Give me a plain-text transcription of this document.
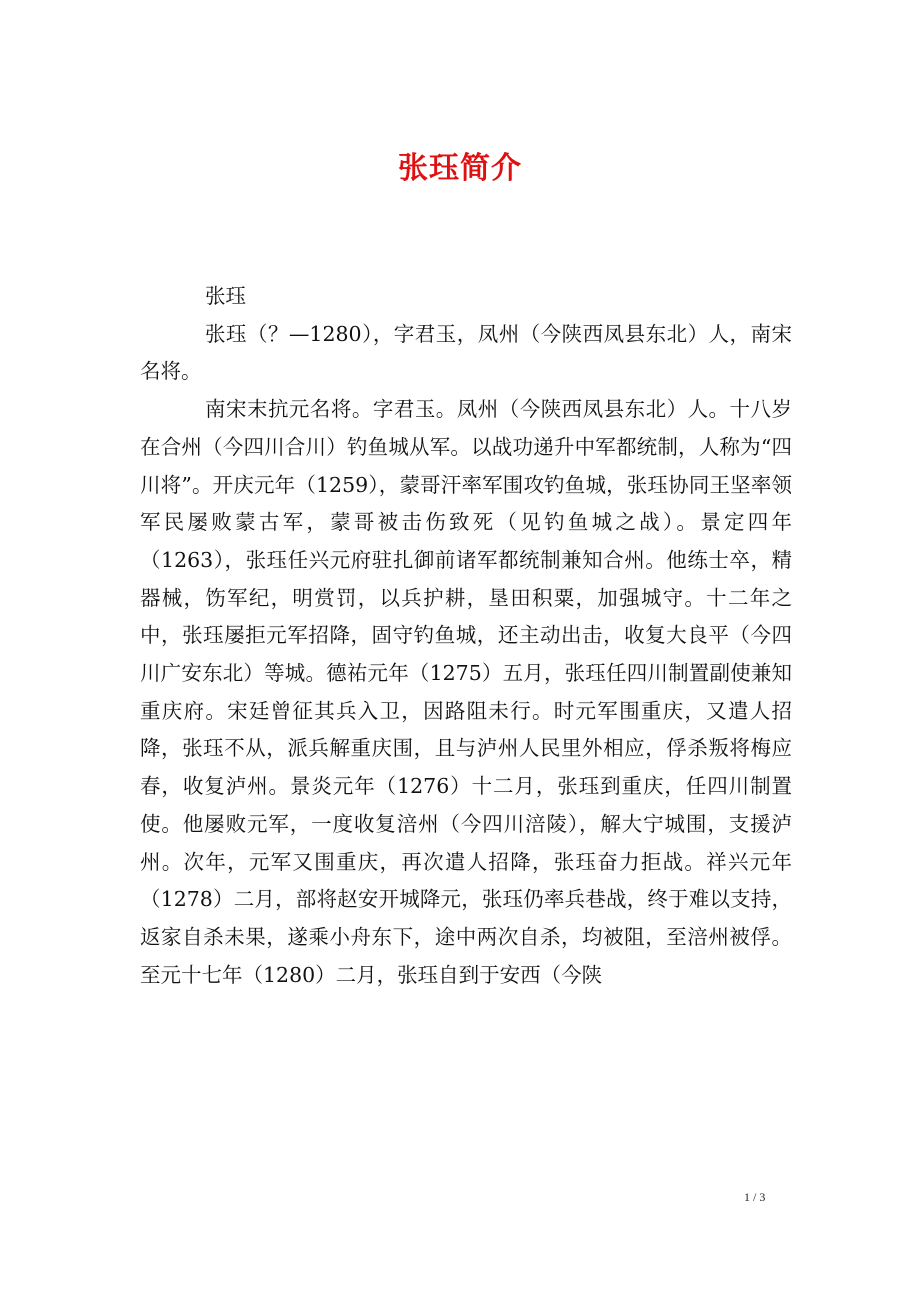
张珏简介

张珏

张珏（？—1280），字君玉，凤州（今陕西凤县东北）人，南宋名将。

南宋末抗元名将。字君玉。凤州（今陕西凤县东北）人。十八岁在合州（今四川合川）钓鱼城从军。以战功递升中军都统制，人称为“四川将”。开庆元年（1259），蒙哥汗率军围攻钓鱼城，张珏协同王坚率领军民屡败蒙古军，蒙哥被击伤致死（见钓鱼城之战）。景定四年（1263），张珏任兴元府驻扎御前诸军都统制兼知合州。他练士卒，精器械，饬军纪，明赏罚，以兵护耕，垦田积粟，加强城守。十二年之中，张珏屡拒元军招降，固守钓鱼城，还主动出击，收复大良平（今四川广安东北）等城。德祐元年（1275）五月，张珏任四川制置副使兼知重庆府。宋廷曾征其兵入卫，因路阻未行。时元军围重庆，又遣人招降，张珏不从，派兵解重庆围，且与泸州人民里外相应，俘杀叛将梅应春，收复泸州。景炎元年（1276）十二月，张珏到重庆，任四川制置使。他屡败元军，一度收复涪州（今四川涪陵），解大宁城围，支援泸州。次年，元军又围重庆，再次遣人招降，张珏奋力拒战。祥兴元年（1278）二月，部将赵安开城降元，张珏仍率兵巷战，终于难以支持，返家自杀未果，遂乘小舟东下，途中两次自杀，均被阻，至涪州被俘。至元十七年（1280）二月，张珏自到于安西（今陕

1 / 3
